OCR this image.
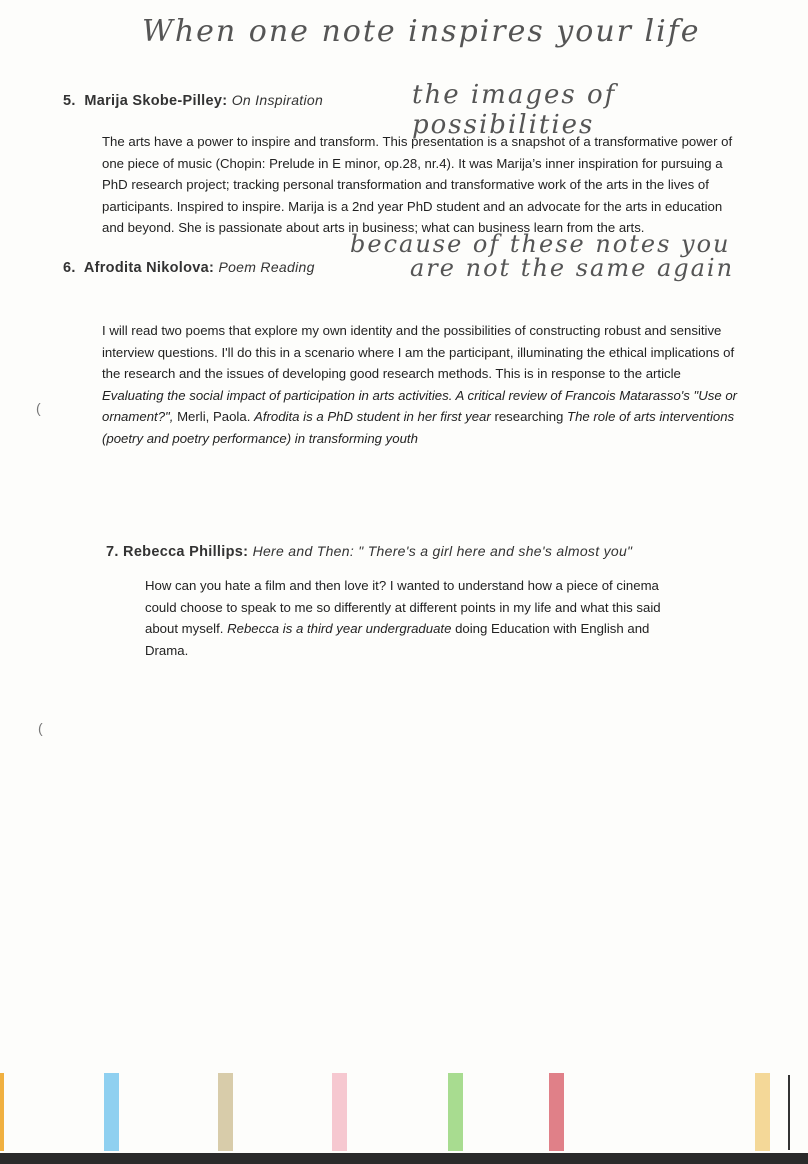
When one note inspires your life
the images of possibilities
because of these notes you
are not the same again
5. Marija Skobe-Pilley: On Inspiration
The arts have a power to inspire and transform. This presentation is a snapshot of a transformative power of one piece of music (Chopin: Prelude in E minor, op.28, nr.4). It was Marija’s inner inspiration for pursuing a PhD research project; tracking personal transformation and transformative work of the arts in the lives of participants. Inspired to inspire. Marija is a 2nd year PhD student and an advocate for the arts in education and beyond. She is passionate about arts in business; what can business learn from the arts.
6. Afrodita Nikolova: Poem Reading
I will read two poems that explore my own identity and the possibilities of constructing robust and sensitive interview questions. I'll do this in a scenario where I am the participant, illuminating the ethical implications of the research and the issues of developing good research methods. This is in response to the article Evaluating the social impact of participation in arts activities. A critical review of Francois Matarasso's "Use or ornament?", Merli, Paola. Afrodita is a PhD student in her first year researching The role of arts interventions (poetry and poetry performance) in transforming youth
7. Rebecca Phillips: Here and Then: " There's a girl here and she's almost you"
How can you hate a film and then love it? I wanted to understand how a piece of cinema could choose to speak to me so differently at different points in my life and what this said about myself. Rebecca is a third year undergraduate doing Education with English and Drama.
(
(
